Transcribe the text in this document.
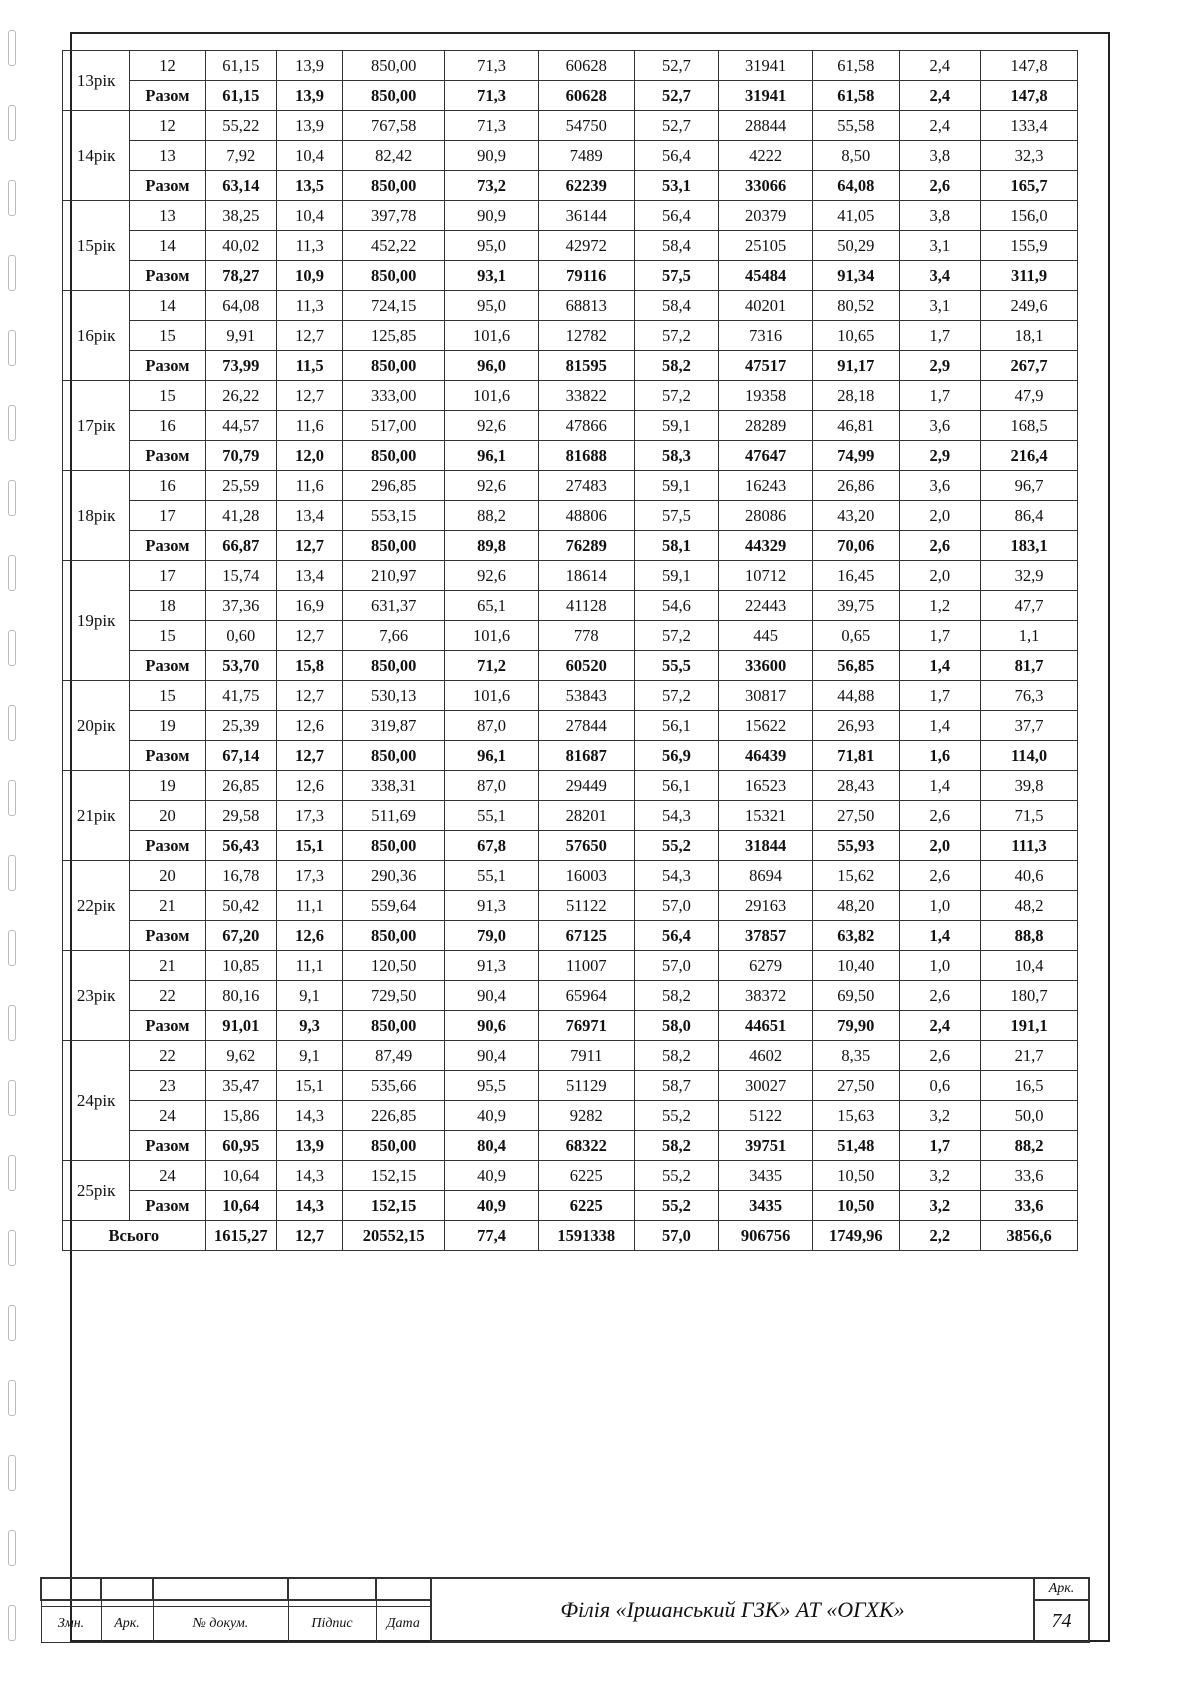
13рік	12	61,15	13,9	850,00	71,3	60628	52,7	31941	61,58	2,4	147,8
	Разом	61,15	13,9	850,00	71,3	60628	52,7	31941	61,58	2,4	147,8
14рік	12	55,22	13,9	767,58	71,3	54750	52,7	28844	55,58	2,4	133,4
	13	7,92	10,4	82,42	90,9	7489	56,4	4222	8,50	3,8	32,3
	Разом	63,14	13,5	850,00	73,2	62239	53,1	33066	64,08	2,6	165,7
15рік	13	38,25	10,4	397,78	90,9	36144	56,4	20379	41,05	3,8	156,0
	14	40,02	11,3	452,22	95,0	42972	58,4	25105	50,29	3,1	155,9
	Разом	78,27	10,9	850,00	93,1	79116	57,5	45484	91,34	3,4	311,9
16рік	14	64,08	11,3	724,15	95,0	68813	58,4	40201	80,52	3,1	249,6
	15	9,91	12,7	125,85	101,6	12782	57,2	7316	10,65	1,7	18,1
	Разом	73,99	11,5	850,00	96,0	81595	58,2	47517	91,17	2,9	267,7
17рік	15	26,22	12,7	333,00	101,6	33822	57,2	19358	28,18	1,7	47,9
	16	44,57	11,6	517,00	92,6	47866	59,1	28289	46,81	3,6	168,5
	Разом	70,79	12,0	850,00	96,1	81688	58,3	47647	74,99	2,9	216,4
18рік	16	25,59	11,6	296,85	92,6	27483	59,1	16243	26,86	3,6	96,7
	17	41,28	13,4	553,15	88,2	48806	57,5	28086	43,20	2,0	86,4
	Разом	66,87	12,7	850,00	89,8	76289	58,1	44329	70,06	2,6	183,1
19рік	17	15,74	13,4	210,97	92,6	18614	59,1	10712	16,45	2,0	32,9
	18	37,36	16,9	631,37	65,1	41128	54,6	22443	39,75	1,2	47,7
	15	0,60	12,7	7,66	101,6	778	57,2	445	0,65	1,7	1,1
	Разом	53,70	15,8	850,00	71,2	60520	55,5	33600	56,85	1,4	81,7
20рік	15	41,75	12,7	530,13	101,6	53843	57,2	30817	44,88	1,7	76,3
	19	25,39	12,6	319,87	87,0	27844	56,1	15622	26,93	1,4	37,7
	Разом	67,14	12,7	850,00	96,1	81687	56,9	46439	71,81	1,6	114,0
21рік	19	26,85	12,6	338,31	87,0	29449	56,1	16523	28,43	1,4	39,8
	20	29,58	17,3	511,69	55,1	28201	54,3	15321	27,50	2,6	71,5
	Разом	56,43	15,1	850,00	67,8	57650	55,2	31844	55,93	2,0	111,3
22рік	20	16,78	17,3	290,36	55,1	16003	54,3	8694	15,62	2,6	40,6
	21	50,42	11,1	559,64	91,3	51122	57,0	29163	48,20	1,0	48,2
	Разом	67,20	12,6	850,00	79,0	67125	56,4	37857	63,82	1,4	88,8
23рік	21	10,85	11,1	120,50	91,3	11007	57,0	6279	10,40	1,0	10,4
	22	80,16	9,1	729,50	90,4	65964	58,2	38372	69,50	2,6	180,7
	Разом	91,01	9,3	850,00	90,6	76971	58,0	44651	79,90	2,4	191,1
24рік	22	9,62	9,1	87,49	90,4	7911	58,2	4602	8,35	2,6	21,7
	23	35,47	15,1	535,66	95,5	51129	58,7	30027	27,50	0,6	16,5
	24	15,86	14,3	226,85	40,9	9282	55,2	5122	15,63	3,2	50,0
	Разом	60,95	13,9	850,00	80,4	68322	58,2	39751	51,48	1,7	88,2
25рік	24	10,64	14,3	152,15	40,9	6225	55,2	3435	10,50	3,2	33,6
	Разом	10,64	14,3	152,15	40,9	6225	55,2	3435	10,50	3,2	33,6
Всього		1615,27	12,7	20552,15	77,4	1591338	57,0	906756	1749,96	2,2	3856,6
					Філія «Іршанський ГЗК» АТ «ОГХК»	Арк.
						74
Змн.	Арк.	№ докум.	Підпис	Дата		
